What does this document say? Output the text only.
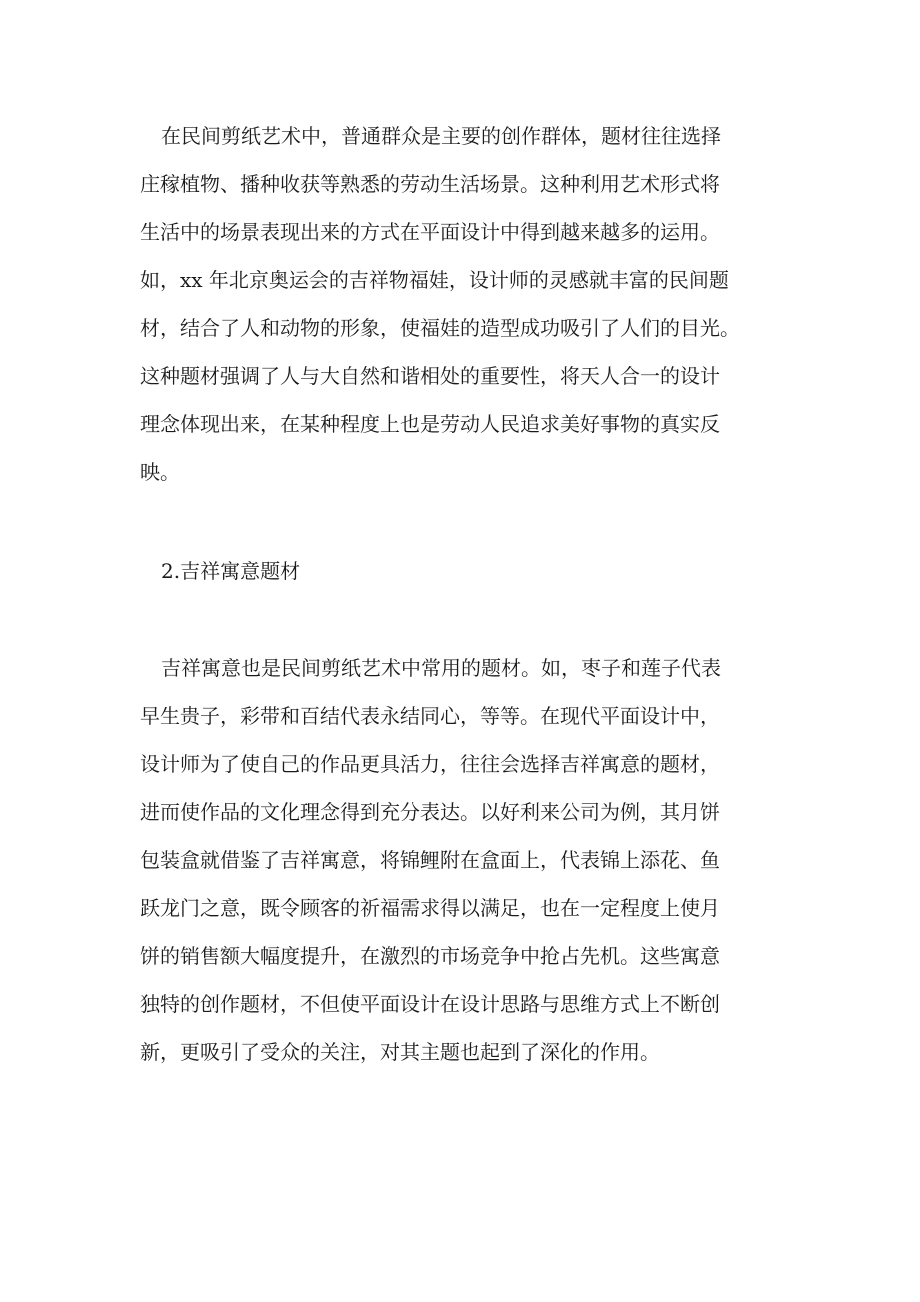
在民间剪纸艺术中，普通群众是主要的创作群体，题材往往选择

庄稼植物、播种收获等熟悉的劳动生活场景。这种利用艺术形式将

生活中的场景表现出来的方式在平面设计中得到越来越多的运用。

如，xx 年北京奥运会的吉祥物福娃，设计师的灵感就丰富的民间题

材，结合了人和动物的形象，使福娃的造型成功吸引了人们的目光。

这种题材强调了人与大自然和谐相处的重要性，将天人合一的设计

理念体现出来，在某种程度上也是劳动人民追求美好事物的真实反

映。

2.吉祥寓意题材

吉祥寓意也是民间剪纸艺术中常用的题材。如，枣子和莲子代表

早生贵子，彩带和百结代表永结同心，等等。在现代平面设计中，

设计师为了使自己的作品更具活力，往往会选择吉祥寓意的题材，

进而使作品的文化理念得到充分表达。以好利来公司为例，其月饼

包装盒就借鉴了吉祥寓意，将锦鲤附在盒面上，代表锦上添花、鱼

跃龙门之意，既令顾客的祈福需求得以满足，也在一定程度上使月

饼的销售额大幅度提升，在激烈的市场竞争中抢占先机。这些寓意

独特的创作题材，不但使平面设计在设计思路与思维方式上不断创

新，更吸引了受众的关注，对其主题也起到了深化的作用。
